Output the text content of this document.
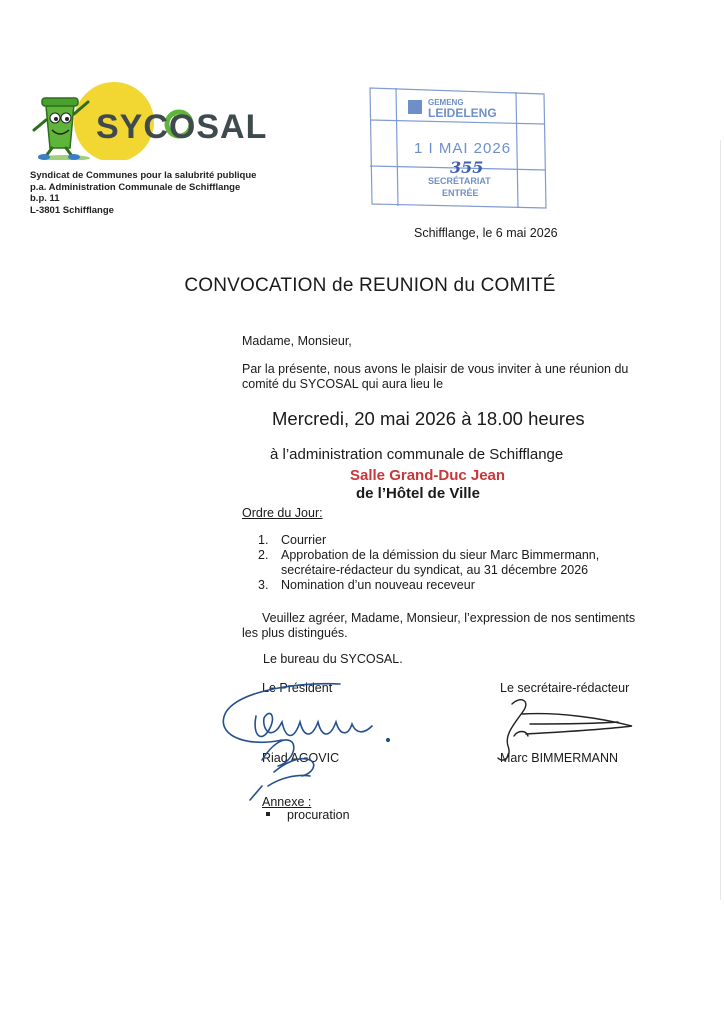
SYCOSAL
Syndicat de Communes pour la salubrité publique
p.a. Administration Communale de Schifflange
b.p. 11
L-3801 Schifflange
GEMENG
LEIDELENG
1 I MAI 2026
355
SECRÉTARIAT
ENTRÉE
Schifflange, le 6 mai 2026
CONVOCATION de REUNION du COMITÉ
Madame, Monsieur,
Par la présente, nous avons le plaisir de vous inviter à une réunion du
comité du SYCOSAL qui aura lieu le
Mercredi, 20 mai 2026 à 18.00 heures
à l’administration communale de Schifflange
Salle Grand-Duc Jean
de l’Hôtel de Ville
Ordre du Jour:
1. Courrier
2. Approbation de la démission du sieur Marc Bimmermann,
secrétaire-rédacteur du syndicat, au 31 décembre 2026
3. Nomination d’un nouveau receveur
Veuillez agréer, Madame, Monsieur, l’expression de nos sentiments
les plus distingués.
Le bureau du SYCOSAL.
Le Président	Le secrétaire-rédacteur
Riad AGOVIC	Marc BIMMERMANN
Annexe :
procuration
